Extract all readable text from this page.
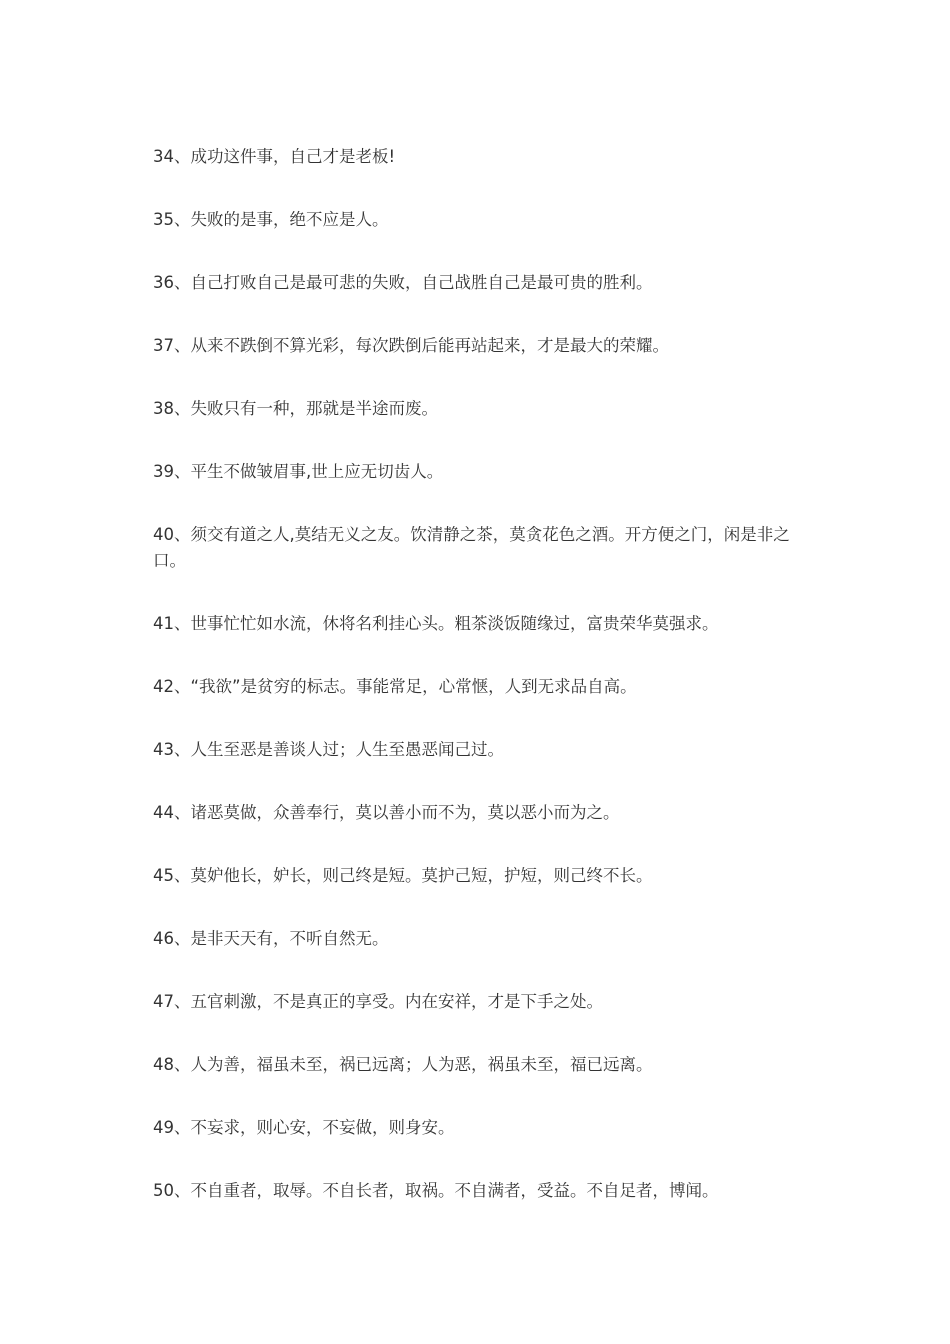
34、成功这件事，自己才是老板!

35、失败的是事，绝不应是人。

36、自己打败自己是最可悲的失败，自己战胜自己是最可贵的胜利。

37、从来不跌倒不算光彩，每次跌倒后能再站起来，才是最大的荣耀。

38、失败只有一种，那就是半途而废。

39、平生不做皱眉事,世上应无切齿人。

40、须交有道之人,莫结无义之友。饮清静之茶，莫贪花色之酒。开方便之门，闲是非之口。

41、世事忙忙如水流，休将名利挂心头。粗茶淡饭随缘过，富贵荣华莫强求。

42、“我欲”是贫穷的标志。事能常足，心常惬，人到无求品自高。

43、人生至恶是善谈人过；人生至愚恶闻己过。

44、诸恶莫做，众善奉行，莫以善小而不为，莫以恶小而为之。

45、莫妒他长，妒长，则己终是短。莫护己短，护短，则己终不长。

46、是非天天有，不听自然无。

47、五官刺激，不是真正的享受。内在安祥，才是下手之处。

48、人为善，福虽未至，祸已远离；人为恶，祸虽未至，福已远离。

49、不妄求，则心安，不妄做，则身安。

50、不自重者，取辱。不自长者，取祸。不自满者，受益。不自足者，博闻。
